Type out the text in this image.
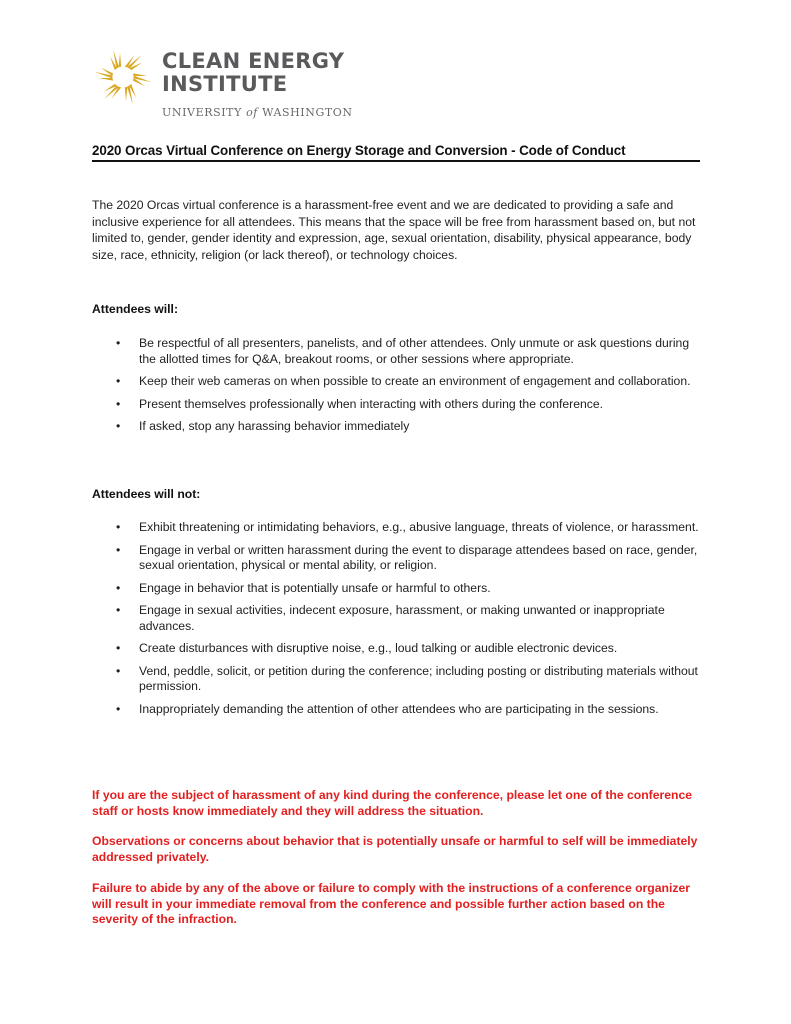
CLEAN ENERGY
INSTITUTE
UNIVERSITY of WASHINGTON
2020 Orcas Virtual Conference on Energy Storage and Conversion - Code of Conduct
The 2020 Orcas virtual conference is a harassment-free event and we are dedicated to providing a safe and inclusive experience for all attendees. This means that the space will be free from harassment based on, but not limited to, gender, gender identity and expression, age, sexual orientation, disability, physical appearance, body size, race, ethnicity, religion (or lack thereof), or technology choices.
Attendees will:
• Be respectful of all presenters, panelists, and of other attendees. Only unmute or ask questions during the allotted times for Q&A, breakout rooms, or other sessions where appropriate.
• Keep their web cameras on when possible to create an environment of engagement and collaboration.
• Present themselves professionally when interacting with others during the conference.
• If asked, stop any harassing behavior immediately
Attendees will not:
• Exhibit threatening or intimidating behaviors, e.g., abusive language, threats of violence, or harassment.
• Engage in verbal or written harassment during the event to disparage attendees based on race, gender, sexual orientation, physical or mental ability, or religion.
• Engage in behavior that is potentially unsafe or harmful to others.
• Engage in sexual activities, indecent exposure, harassment, or making unwanted or inappropriate advances.
• Create disturbances with disruptive noise, e.g., loud talking or audible electronic devices.
• Vend, peddle, solicit, or petition during the conference; including posting or distributing materials without permission.
• Inappropriately demanding the attention of other attendees who are participating in the sessions.
If you are the subject of harassment of any kind during the conference, please let one of the conference staff or hosts know immediately and they will address the situation.
Observations or concerns about behavior that is potentially unsafe or harmful to self will be immediately addressed privately.
Failure to abide by any of the above or failure to comply with the instructions of a conference organizer will result in your immediate removal from the conference and possible further action based on the severity of the infraction.
